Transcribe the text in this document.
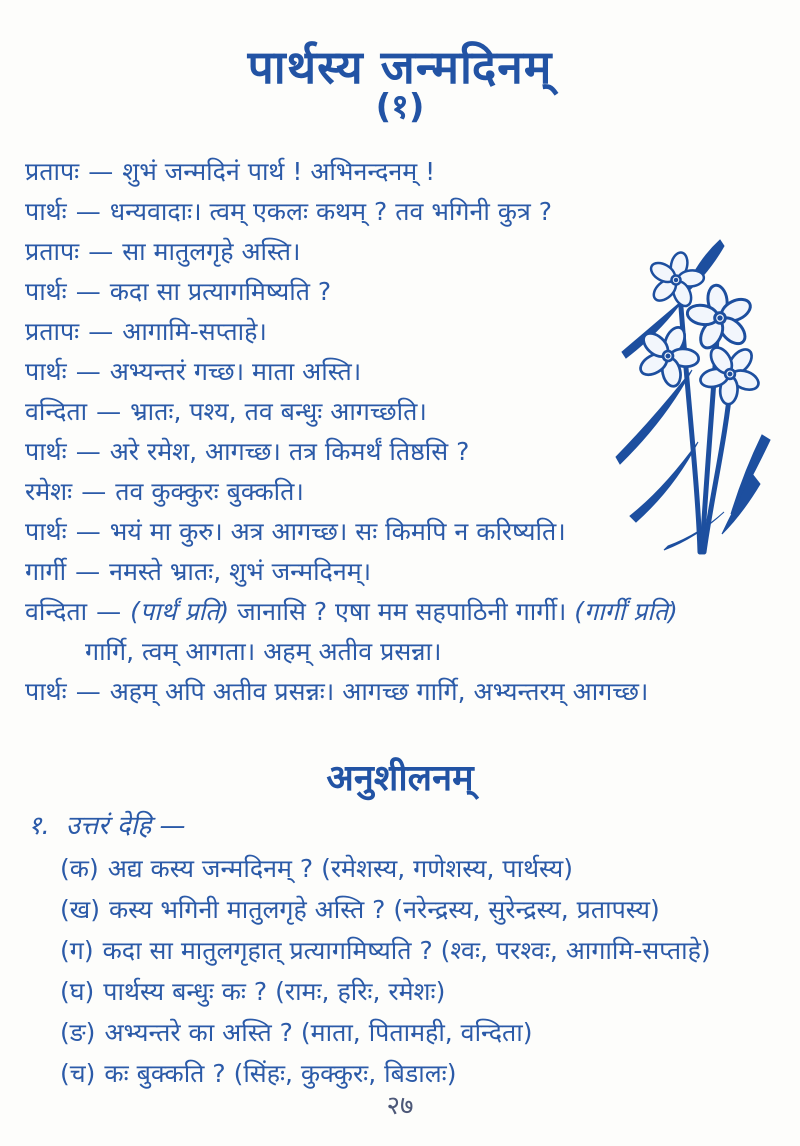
पार्थस्य जन्मदिनम्
(१)
प्रतापः — शुभं जन्मदिनं पार्थ ! अभिनन्दनम् !
पार्थः — धन्यवादाः। त्वम् एकलः कथम् ? तव भगिनी कुत्र ?
प्रतापः — सा मातुलगृहे अस्ति।
पार्थः — कदा सा प्रत्यागमिष्यति ?
प्रतापः — आगामि-सप्ताहे।
पार्थः — अभ्यन्तरं गच्छ। माता अस्ति।
वन्दिता — भ्रातः, पश्य, तव बन्धुः आगच्छति।
पार्थः — अरे रमेश, आगच्छ। तत्र किमर्थं तिष्ठसि ?
रमेशः — तव कुक्कुरः बुक्कति।
पार्थः — भयं मा कुरु। अत्र आगच्छ। सः किमपि न करिष्यति।
गार्गी — नमस्ते भ्रातः, शुभं जन्मदिनम्।
वन्दिता — (पार्थं प्रति) जानासि ? एषा मम सहपाठिनी गार्गी। (गार्गीं प्रति)
गार्गि, त्वम् आगता। अहम् अतीव प्रसन्ना।
पार्थः — अहम् अपि अतीव प्रसन्नः। आगच्छ गार्गि, अभ्यन्तरम् आगच्छ।
अनुशीलनम्
१. उत्तरं देहि —
(क) अद्य कस्य जन्मदिनम् ? (रमेशस्य, गणेशस्य, पार्थस्य)
(ख) कस्य भगिनी मातुलगृहे अस्ति ? (नरेन्द्रस्य, सुरेन्द्रस्य, प्रतापस्य)
(ग) कदा सा मातुलगृहात् प्रत्यागमिष्यति ? (श्वः, परश्वः, आगामि-सप्ताहे)
(घ) पार्थस्य बन्धुः कः ? (रामः, हरिः, रमेशः)
(ङ) अभ्यन्तरे का अस्ति ? (माता, पितामही, वन्दिता)
(च) कः बुक्कति ? (सिंहः, कुक्कुरः, बिडालः)
२७
